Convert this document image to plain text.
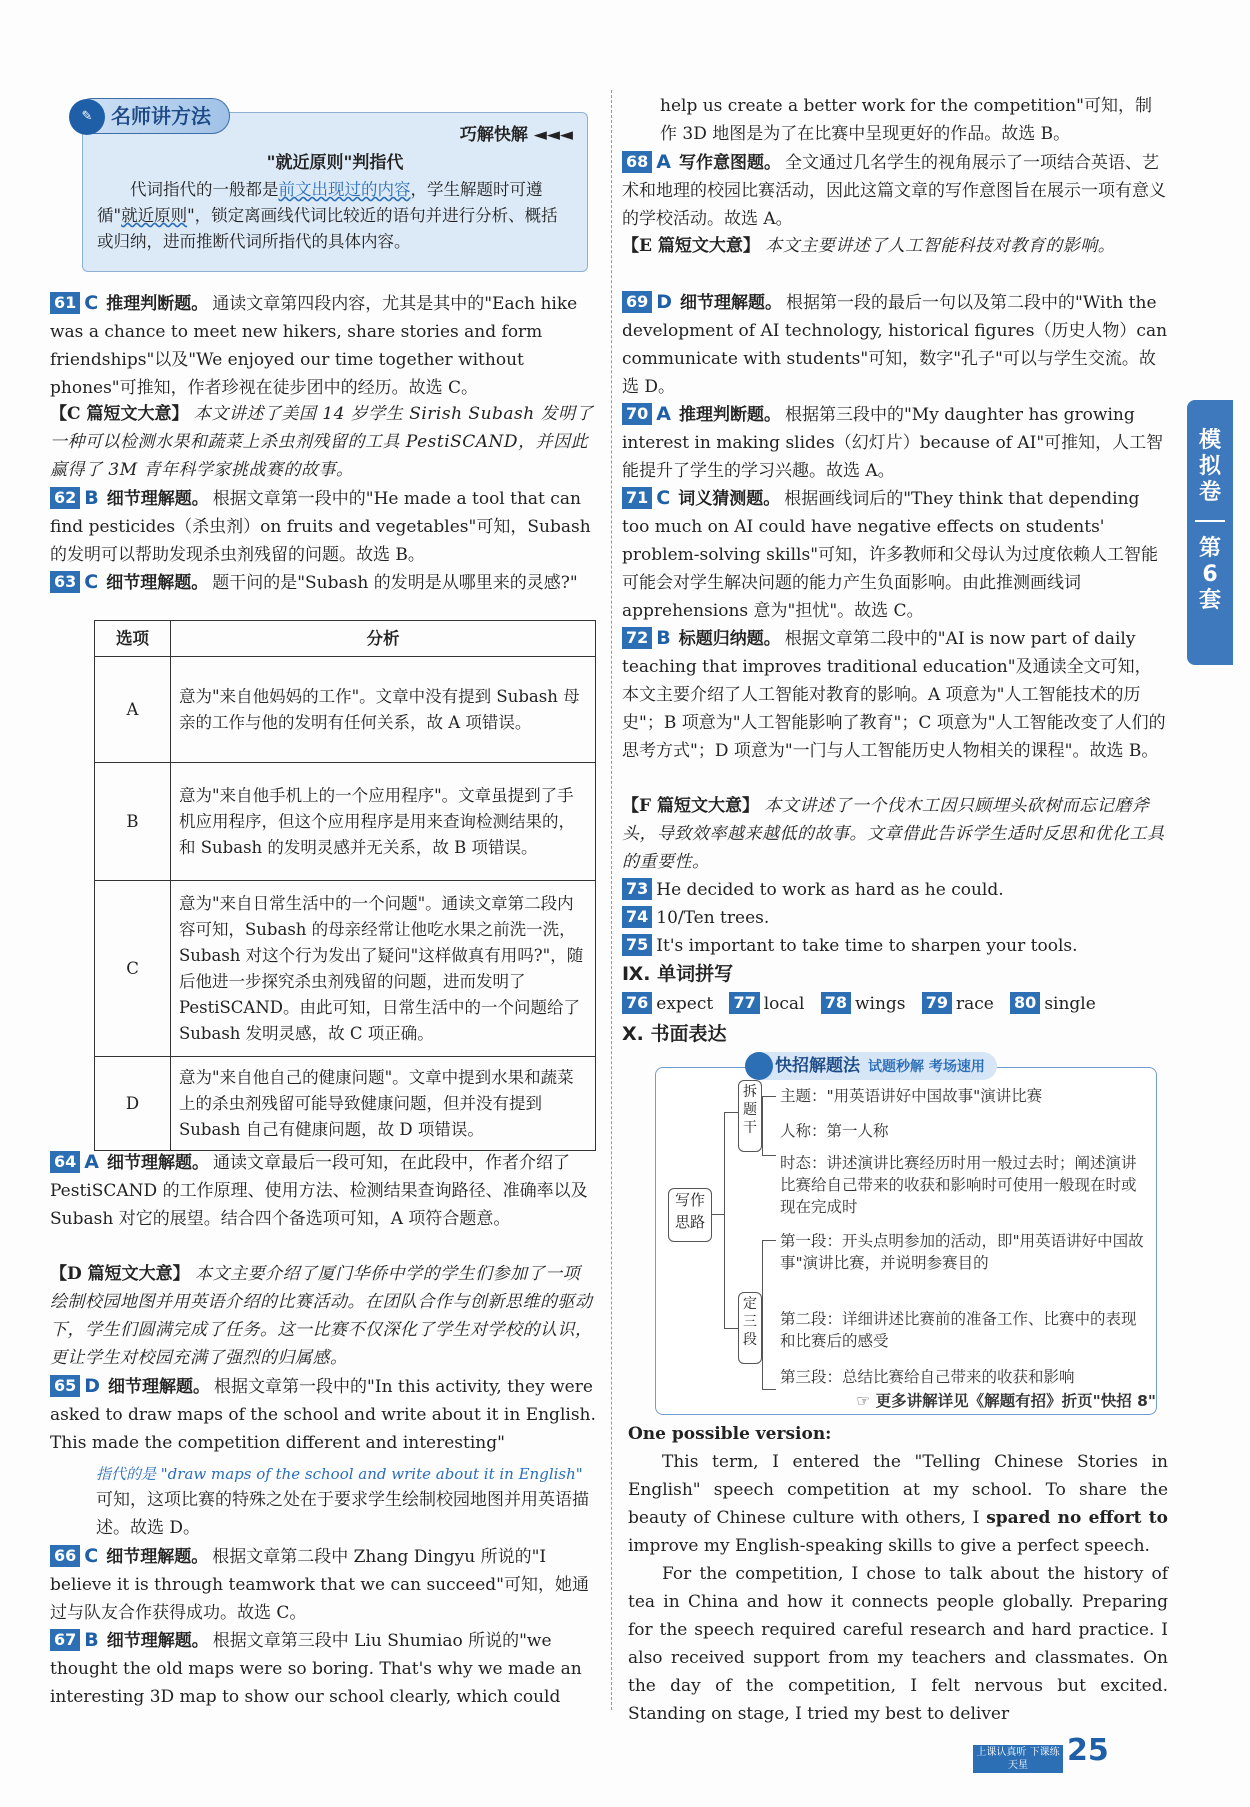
巧解快解 ◄◄◄
"就近原则"判指代
代词指代的一般都是前文出现过的内容，学生解题时可遵循"就近原则"，锁定离画线代词比较近的语句并进行分析、概括或归纳，进而推断代词所指代的具体内容。
✎ 名师讲方法
61 C 推理判断题。 通读文章第四段内容，尤其是其中的"Each hike was a chance to meet new hikers, share stories and form friendships"以及"We enjoyed our time together without phones"可推知，作者珍视在徒步团中的经历。故选 C。
【C 篇短文大意】 本文讲述了美国 14 岁学生 Sirish Subash 发明了一种可以检测水果和蔬菜上杀虫剂残留的工具 PestiSCAND，并因此赢得了 3M 青年科学家挑战赛的故事。
62 B 细节理解题。 根据文章第一段中的"He made a tool that can find pesticides（杀虫剂）on fruits and vegetables"可知，Subash 的发明可以帮助发现杀虫剂残留的问题。故选 B。
63 C 细节理解题。 题干问的是"Subash 的发明是从哪里来的灵感?"
选项	分析
A	意为"来自他妈妈的工作"。文章中没有提到 Subash 母亲的工作与他的发明有任何关系，故 A 项错误。
B	意为"来自他手机上的一个应用程序"。文章虽提到了手机应用程序，但这个应用程序是用来查询检测结果的，和 Subash 的发明灵感并无关系，故 B 项错误。
C	意为"来自日常生活中的一个问题"。通读文章第二段内容可知，Subash 的母亲经常让他吃水果之前洗一洗，Subash 对这个行为发出了疑问"这样做真有用吗?"，随后他进一步探究杀虫剂残留的问题，进而发明了 PestiSCAND。由此可知，日常生活中的一个问题给了 Subash 发明灵感，故 C 项正确。
D	意为"来自他自己的健康问题"。文章中提到水果和蔬菜上的杀虫剂残留可能导致健康问题，但并没有提到 Subash 自己有健康问题，故 D 项错误。
64 A 细节理解题。 通读文章最后一段可知，在此段中，作者介绍了 PestiSCAND 的工作原理、使用方法、检测结果查询路径、准确率以及 Subash 对它的展望。结合四个备选项可知，A 项符合题意。
【D 篇短文大意】 本文主要介绍了厦门华侨中学的学生们参加了一项绘制校园地图并用英语介绍的比赛活动。在团队合作与创新思维的驱动下，学生们圆满完成了任务。这一比赛不仅深化了学生对学校的认识，更让学生对校园充满了强烈的归属感。
65 D 细节理解题。 根据文章第一段中的"In this activity, they were asked to draw maps of the school and write about it in English. This made the competition different and interesting"
指代的是 "draw maps of the school and write about it in English"
可知，这项比赛的特殊之处在于要求学生绘制校园地图并用英语描述。故选 D。
66 C 细节理解题。 根据文章第二段中 Zhang Dingyu 所说的"I believe it is through teamwork that we can succeed"可知，她通过与队友合作获得成功。故选 C。
67 B 细节理解题。 根据文章第三段中 Liu Shumiao 所说的"we thought the old maps were so boring. That's why we made an interesting 3D map to show our school clearly, which could
help us create a better work for the competition"可知，制作 3D 地图是为了在比赛中呈现更好的作品。故选 B。
68 A 写作意图题。 全文通过几名学生的视角展示了一项结合英语、艺术和地理的校园比赛活动，因此这篇文章的写作意图旨在展示一项有意义的学校活动。故选 A。
【E 篇短文大意】 本文主要讲述了人工智能科技对教育的影响。
69 D 细节理解题。 根据第一段的最后一句以及第二段中的"With the development of AI technology, historical figures（历史人物）can communicate with students"可知，数字"孔子"可以与学生交流。故选 D。
70 A 推理判断题。 根据第三段中的"My daughter has growing interest in making slides（幻灯片）because of AI"可推知，人工智能提升了学生的学习兴趣。故选 A。
71 C 词义猜测题。 根据画线词后的"They think that depending too much on AI could have negative effects on students' problem-solving skills"可知，许多教师和父母认为过度依赖人工智能可能会对学生解决问题的能力产生负面影响。由此推测画线词 apprehensions 意为"担忧"。故选 C。
72 B 标题归纳题。 根据文章第二段中的"AI is now part of daily teaching that improves traditional education"及通读全文可知，本文主要介绍了人工智能对教育的影响。A 项意为"人工智能技术的历史"；B 项意为"人工智能影响了教育"；C 项意为"人工智能改变了人们的思考方式"；D 项意为"一门与人工智能历史人物相关的课程"。故选 B。
【F 篇短文大意】 本文讲述了一个伐木工因只顾埋头砍树而忘记磨斧头，导致效率越来越低的故事。文章借此告诉学生适时反思和优化工具的重要性。
73 He decided to work as hard as he could.
74 10/Ten trees.
75 It's important to take time to sharpen your tools.
Ⅸ. 单词拼写
76 expect 77 local 78 wings 79 race 80 single
Ⅹ. 书面表达
快招解题法 试题秒解 考场速用
写作思路
拆题干
定三段
主题："用英语讲好中国故事"演讲比赛
人称：第一人称
时态：讲述演讲比赛经历时用一般过去时；阐述演讲比赛给自己带来的收获和影响时可使用一般现在时或现在完成时
第一段：开头点明参加的活动，即"用英语讲好中国故事"演讲比赛，并说明参赛目的
第二段：详细讲述比赛前的准备工作、比赛中的表现和比赛后的感受
第三段：总结比赛给自己带来的收获和影响
☞ 更多讲解详见《解题有招》折页"快招 8"
One possible version:
This term, I entered the "Telling Chinese Stories in English" speech competition at my school. To share the beauty of Chinese culture with others, I spared no effort to improve my English-speaking skills to give a perfect speech.
For the competition, I chose to talk about the history of tea in China and how it connects people globally. Preparing for the speech required careful research and hard practice. I also received support from my teachers and classmates. On the day of the competition, I felt nervous but excited. Standing on stage, I tried my best to deliver
模拟卷
第6套
上课认真听 下课练天星	25
